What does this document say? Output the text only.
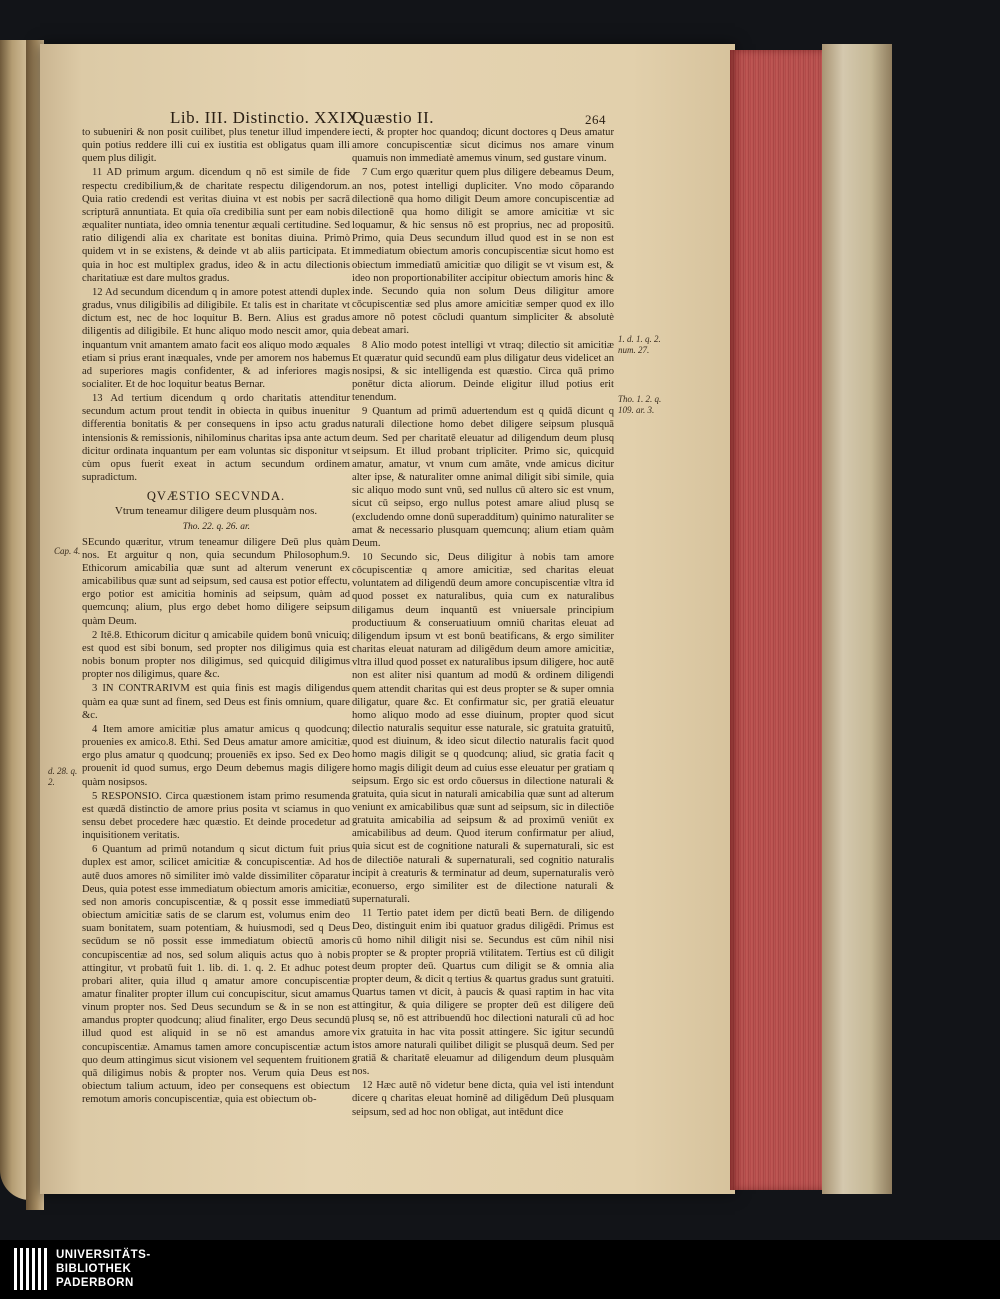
Lib. III. Distinctio. XXIX.
Quæstio II.	264

to subueniri & non posit cuilibet, plus tenetur illud impendere quin potius reddere illi cui ex iustitia est obligatus quam illi quem plus diligit.

11 AD primum argum. dicendum q nō est simile de fide respectu credibilium,& de charitate respectu diligendorum. Quia ratio credendi est veritas diuina vt est nobis per sacrā scripturā annuntiata. Et quia oīa credibilia sunt per eam nobis æqualiter nuntiata, ideo omnia tenentur æquali certitudine. Sed ratio diligendi alia ex charitate est bonitas diuina. Primò quidem vt in se existens, & deinde vt ab aliis participata. Et quia in hoc est multiplex gradus, ideo & in actu dilectionis charitatiuæ est dare multos gradus.

12 Ad secundum dicendum q in amore potest attendi duplex gradus, vnus diligibilis ad diligibile. Et talis est in charitate vt dictum est, nec de hoc loquitur B. Bern. Alius est gradus diligentis ad diligibile. Et hunc aliquo modo nescit amor, quia inquantum vnit amantem amato facit eos aliquo modo æquales etiam si prius erant inæquales, vnde per amorem nos habemus ad superiores magis confidenter, & ad inferiores magis socialiter. Et de hoc loquitur beatus Bernar.

13 Ad tertium dicendum q ordo charitatis attenditur secundum actum prout tendit in obiecta in quibus inuenitur differentia bonitatis & per consequens in ipso actu gradus intensionis & remissionis, nihilominus charitas ipsa ante actum dicitur ordinata inquantum per eam voluntas sic disponitur vt cùm opus fuerit exeat in actum secundum ordinem supradictum.

QVÆSTIO SECVNDA.
Vtrum teneamur diligere deum plusquàm nos.
Tho. 22. q. 26. ar.

SEcundo quæritur, vtrum teneamur diligere Deū plus quàm nos. Et arguitur q non, quia secundum Philosophum.9. Ethicorum amicabilia quæ sunt ad alterum venerunt ex amicabilibus quæ sunt ad seipsum, sed causa est potior effectu, ergo potior est amicitia hominis ad seipsum, quàm ad quemcunq; alium, plus ergo debet homo diligere seipsum quàm Deum.

2 Itē.8. Ethicorum dicitur q amicabile quidem bonū vnicuiq; est quod est sibi bonum, sed propter nos diligimus quia est nobis bonum propter nos diligimus, sed quicquid diligimus propter nos diligimus, quare &c.

3 IN CONTRARIVM est quia finis est magis diligendus quàm ea quæ sunt ad finem, sed Deus est finis omnium, quare &c.

4 Item amore amicitiæ plus amatur amicus q quodcunq; prouenies ex amico.8. Ethi. Sed Deus amatur amore amicitiæ, ergo plus amatur q quodcunq; proueniēs ex ipso. Sed ex Deo prouenit id quod sumus, ergo Deum debemus magis diligere quàm nosipsos.

5 RESPONSIO. Circa quæstionem istam primo resumenda est quædā distinctio de amore prius posita vt sciamus in quo sensu debet procedere hæc quæstio. Et deinde procedetur ad inquisitionem veritatis.

6 Quantum ad primū notandum q sicut dictum fuit prius duplex est amor, scilicet amicitiæ & concupiscentiæ. Ad hos autē duos amores nō similiter imò valde dissimiliter cōparatur Deus, quia potest esse immediatum obiectum amoris amicitiæ, sed non amoris concupiscentiæ, & q possit esse immediatū obiectum amicitiæ satis de se clarum est, volumus enim deo suam bonitatem, suam potentiam, & huiusmodi, sed q Deus secūdum se nō possit esse immediatum obiectū amoris concupiscentiæ ad nos, sed solum aliquis actus quo à nobis attingitur, vt probatū fuit 1. lib. di. 1. q. 2. Et adhuc potest probari aliter, quia illud q amatur amore concupiscentiæ amatur finaliter propter illum cui concupiscitur, sicut amamus vinum propter nos. Sed Deus secundum se & in se non est amandus propter quodcunq; aliud finaliter, ergo Deus secundū illud quod est aliquid in se nō est amandus amore concupiscentiæ. Amamus tamen amore concupiscentiæ actum quo deum attingimus sicut visionem vel sequentem fruitionem quā diligimus nobis & propter nos. Verum quia Deus est obiectum talium actuum, ideo per consequens est obiectum remotum amoris concupiscentiæ, quia est obiectum ob-

iecti, & propter hoc quandoq; dicunt doctores q Deus amatur amore concupiscentiæ sicut dicimus nos amare vinum quamuis non immediatè amemus vinum, sed gustare vinum.

7 Cum ergo quæritur quem plus diligere debeamus Deum, an nos, potest intelligi dupliciter. Vno modo cōparando dilectionē qua homo diligit Deum amore concupiscentiæ ad dilectionē qua homo diligit se amore amicitiæ vt sic loquamur, & hic sensus nō est proprius, nec ad propositū. Primo, quia Deus secundum illud quod est in se non est immediatum obiectum amoris concupiscentiæ sicut homo est obiectum immediatū amicitiæ quo diligit se vt visum est, & ideo non proportionabiliter accipitur obiectum amoris hinc & inde. Secundo quia non solum Deus diligitur amore cōcupiscentiæ sed plus amore amicitiæ semper quod ex illo amore nō potest cōcludi quantum simpliciter & absolutè debeat amari.

8 Alio modo potest intelligi vt vtraq; dilectio sit amicitiæ Et quæratur quid secundū eam plus diligatur deus videlicet an nosipsi, & sic intelligenda est quæstio. Circa quā primo ponētur dicta aliorum. Deinde eligitur illud potius erit tenendum.

9 Quantum ad primū aduertendum est q quidā dicunt q naturali dilectione homo debet diligere seipsum plusquā deum. Sed per charitatē eleuatur ad diligendum deum plusq seipsum. Et illud probant tripliciter. Primo sic, quicquid amatur, amatur, vt vnum cum amāte, vnde amicus dicitur alter ipse, & naturaliter omne animal diligit sibi simile, quia sic aliquo modo sunt vnū, sed nullus cū altero sic est vnum, sicut cū seipso, ergo nullus potest amare aliud plusq se (excludendo omne donū superadditum) quinimo naturaliter se amat & necessario plusquam quemcunq; alium etiam quàm Deum.

10 Secundo sic, Deus diligitur à nobis tam amore cōcupiscentiæ q amore amicitiæ, sed charitas eleuat voluntatem ad diligendū deum amore concupiscentiæ vltra id quod posset ex naturalibus, quia cum ex naturalibus diligamus deum inquantū est vniuersale principium productiuum & conseruatiuum omniū charitas eleuat ad diligendum ipsum vt est bonū beatificans, & ergo similiter charitas eleuat naturam ad diligēdum deum amore amicitiæ, vltra illud quod posset ex naturalibus ipsum diligere, hoc autē non est aliter nisi quantum ad modū & ordinem diligendi quem attendit charitas qui est deus propter se & super omnia diligatur, quare &c. Et confirmatur sic, per gratiā eleuatur homo aliquo modo ad esse diuinum, propter quod sicut dilectio naturalis sequitur esse naturale, sic gratuita gratuitū, quod est diuinum, & ideo sicut dilectio naturalis facit quod homo magis diligit se q quodcunq; aliud, sic gratia facit q homo magis diligit deum ad cuius esse eleuatur per gratiam q seipsum. Ergo sic est ordo cōuersus in dilectione naturali & gratuita, quia sicut in naturali amicabilia quæ sunt ad alterum veniunt ex amicabilibus quæ sunt ad seipsum, sic in dilectiōe gratuita amicabilia ad seipsum & ad proximū veniūt ex amicabilibus ad deum. Quod iterum confirmatur per aliud, quia sicut est de cognitione naturali & supernaturali, sic est de dilectiōe naturali & supernaturali, sed cognitio naturalis incipit à creaturis & terminatur ad deum, supernaturalis verò econuerso, ergo similiter est de dilectione naturali & supernaturali.

11 Tertio patet idem per dictū beati Bern. de diligendo Deo, distinguit enim ibi quatuor gradus diligēdi. Primus est cū homo nihil diligit nisi se. Secundus est cūm nihil nisi propter se & propter propriā vtilitatem. Tertius est cū diligit deum propter deū. Quartus cum diligit se & omnia alia propter deum, & dicit q tertius & quartus gradus sunt gratuiti. Quartus tamen vt dicit, à paucis & quasi raptim in hac vita attingitur, & quia diligere se propter deū est diligere deū plusq se, nō est attribuendū hoc dilectioni naturali cū ad hoc vix gratuita in hac vita possit attingere. Sic igitur secundū istos amore naturali quilibet diligit se plusquā deum. Sed per gratiā & charitatē eleuamur ad diligendum deum plusquàm nos.

12 Hæc autē nō videtur bene dicta, quia vel isti intendunt dicere q charitas eleuat hominē ad diligēdum Deū plusquam seipsum, sed ad hoc non obligat, aut intēdunt dice

Cap. 4.
d. 28. q. 2.
1. d. 1. q. 2. num. 27.
Tho. 1. 2. q. 109. ar. 3.
UNIVERSITÄTS-
BIBLIOTHEK
PADERBORN
